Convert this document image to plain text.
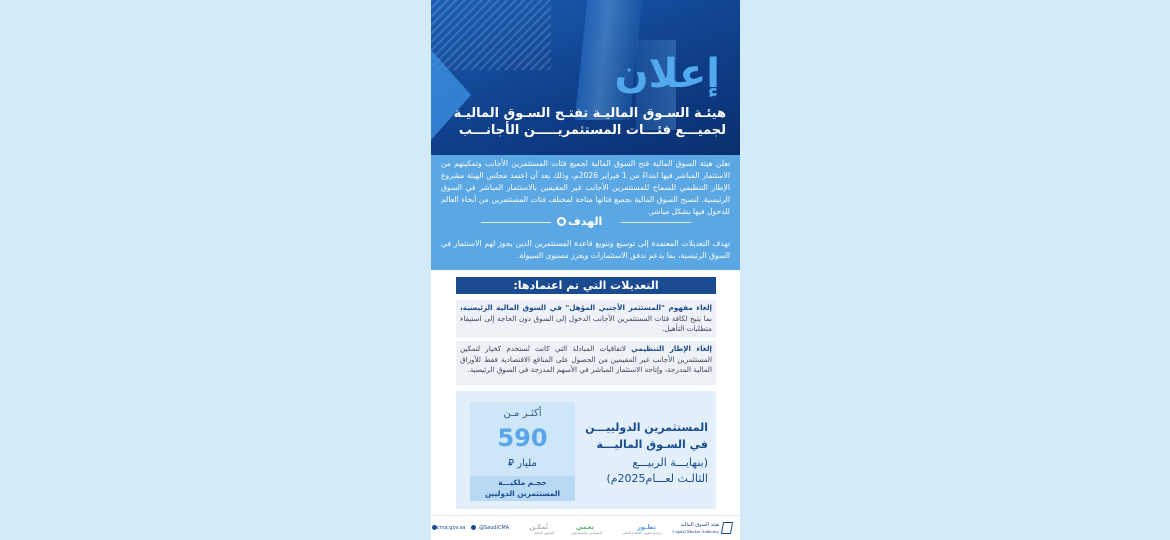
إعلان
هيئـة السـوق الماليـة تفتـح السـوق الماليـة
لجميـــع فئـــات المستثمريـــــن الأجانـــب

تعلن هيئة السوق المالية فتح السوق المالية لجميع فئات المستثمرين الأجانب وتمكينهم من الاستثمار المباشر فيها ابتداءً من 1 فبراير 2026م، وذلك بعد أن اعتمد مجلس الهيئة مشروع الإطار التنظيمي للسماح للمستثمرين الأجانب غير المقيمين بالاستثمار المباشر في السوق الرئيسية. لتصبح السوق المالية بجميع فئاتها متاحة لمختلف فئات المستثمرين من أنحاء العالم للدخول فيها بشكل مباشر.

الهدف

تهدف التعديلات المعتمدة إلى توسيع وتنويع قاعدة المستثمرين الذين يجوز لهم الاستثمار في السوق الرئيسية، بما يدعم تدفق الاستثمارات ويعزز مستوى السيولة.

التعديلات التي تم اعتمادها:
إلغاء مفهوم "المستثمر الأجنبي المؤهل" في السوق المالية الرئيسية، بما يتيح لكافة فئات المستثمرين الأجانب الدخول إلى السوق دون الحاجة إلى استيفاء متطلبات التأهيل.
إلغاء الإطار التنظيمي لاتفاقيات المبادلة التي كانت تُستخدم كخيار لتمكين المستثمرين الأجانب غير المقيمين من الحصول على المنافع الاقتصادية فقط للأوراق المالية المدرجة، وإتاحة الاستثمار المباشر في الأسهم المدرجة في السوق الرئيسية.
المستثمرين الدولييـــن
في السـوق الماليـــة
(بنهايـــة الربيـــع
الثالـث لعـــام2025م)
أكثـر مـن
590
مليار ⃁

حجـم ملكيـــة
المستثمرين الدوليين

هيئة السوق المالية
Capital Market Authority
تطـور
برنامج تطوير القطاع المالي
تحمي
المستثمر والمتعاملين
تُمكـن
السوق المالية
@SaudiCMA
cma.gov.sa
